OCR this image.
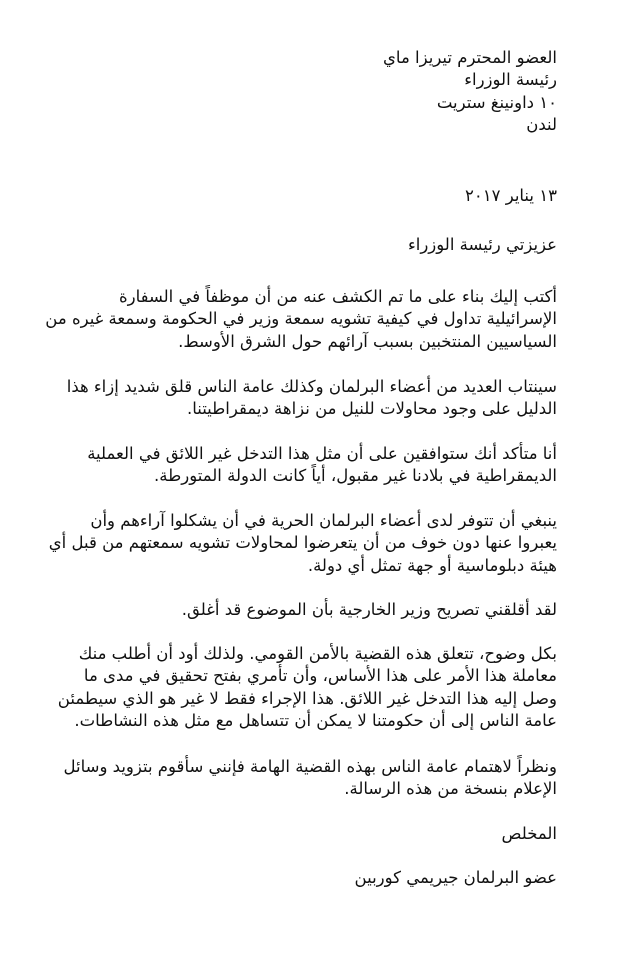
العضو المحترم تيريزا ماي
رئيسة الوزراء
١٠ داونينغ ستريت
لندن
١٣ يناير ٢٠١٧
عزيزتي رئيسة الوزراء
أكتب إليك بناء على ما تم الكشف عنه من أن موظفاً في السفارة
الإسرائيلية تداول في كيفية تشويه سمعة وزير في الحكومة وسمعة غيره من
السياسيين المنتخبين بسبب آرائهم حول الشرق الأوسط.
سينتاب العديد من أعضاء البرلمان وكذلك عامة الناس قلق شديد إزاء هذا
الدليل على وجود محاولات للنيل من نزاهة ديمقراطيتنا.
أنا متأكد أنك ستوافقين على أن مثل هذا التدخل غير اللائق في العملية
الديمقراطية في بلادنا غير مقبول، أياً كانت الدولة المتورطة.
ينبغي أن تتوفر لدى أعضاء البرلمان الحرية في أن يشكلوا آراءهم وأن
يعبروا عنها دون خوف من أن يتعرضوا لمحاولات تشويه سمعتهم من قبل أي
هيئة دبلوماسية أو جهة تمثل أي دولة.
لقد أقلقني تصريح وزير الخارجية بأن الموضوع قد أغلق.
بكل وضوح، تتعلق هذه القضية بالأمن القومي. ولذلك أود أن أطلب منك
معاملة هذا الأمر على هذا الأساس، وأن تأمري بفتح تحقيق في مدى ما
وصل إليه هذا التدخل غير اللائق. هذا الإجراء فقط لا غير هو الذي سيطمئن
عامة الناس إلى أن حكومتنا لا يمكن أن تتساهل مع مثل هذه النشاطات.
ونظراً لاهتمام عامة الناس بهذه القضية الهامة فإنني سأقوم بتزويد وسائل
الإعلام بنسخة من هذه الرسالة.
المخلص
عضو البرلمان جيريمي كوربين
